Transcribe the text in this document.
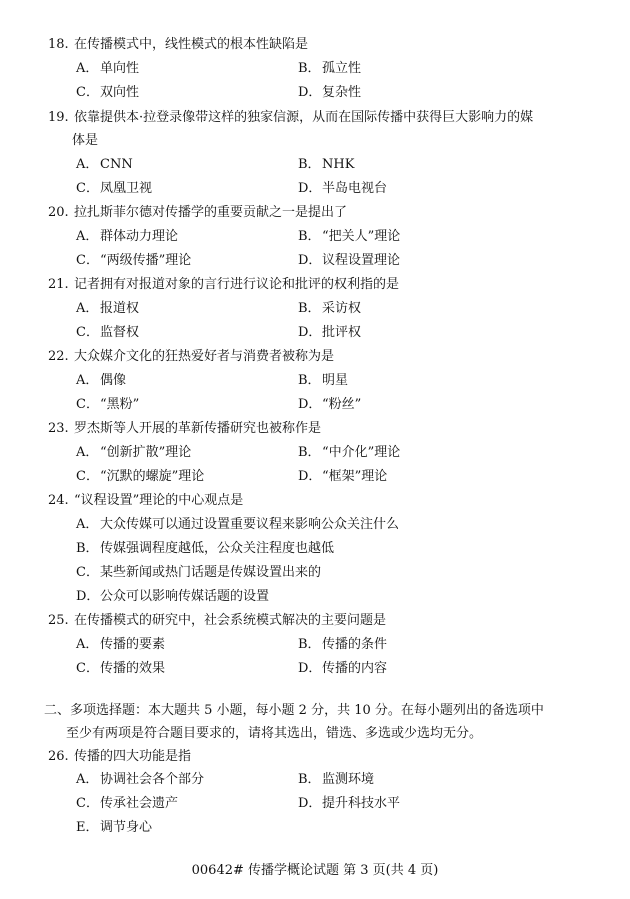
18. 在传播模式中，线性模式的根本性缺陷是
A． 单向性	B．孤立性
C．双向性	D．复杂性
19. 依靠提供本·拉登录像带这样的独家信源，从而在国际传播中获得巨大影响力的媒
体是
A． CNN	B．NHK
C．凤凰卫视	D．半岛电视台
20. 拉扎斯菲尔德对传播学的重要贡献之一是提出了
A． 群体动力理论	B．“把关人”理论
C．“两级传播”理论	D．议程设置理论
21. 记者拥有对报道对象的言行进行议论和批评的权利指的是
A． 报道权	B．采访权
C．监督权	D．批评权
22. 大众媒介文化的狂热爱好者与消费者被称为是
A． 偶像	B．明星
C．“黑粉”	D．“粉丝”
23. 罗杰斯等人开展的革新传播研究也被称作是
A． “创新扩散”理论	B．“中介化”理论
C．“沉默的螺旋”理论	D．“框架”理论
24. “议程设置”理论的中心观点是
A． 大众传媒可以通过设置重要议程来影响公众关注什么
B．传媒强调程度越低，公众关注程度也越低
C．某些新闻或热门话题是传媒设置出来的
D．公众可以影响传媒话题的设置
25. 在传播模式的研究中，社会系统模式解决的主要问题是
A． 传播的要素	B．传播的条件
C．传播的效果	D．传播的内容
二、多项选择题：本大题共 5 小题，每小题 2 分，共 10 分。在每小题列出的备选项中
至少有两项是符合题目要求的，请将其选出，错选、多选或少选均无分。
26. 传播的四大功能是指
A． 协调社会各个部分	B．监测环境
C．传承社会遗产	D．提升科技水平
E． 调节身心
00642# 传播学概论试题 第 3 页(共 4 页)
